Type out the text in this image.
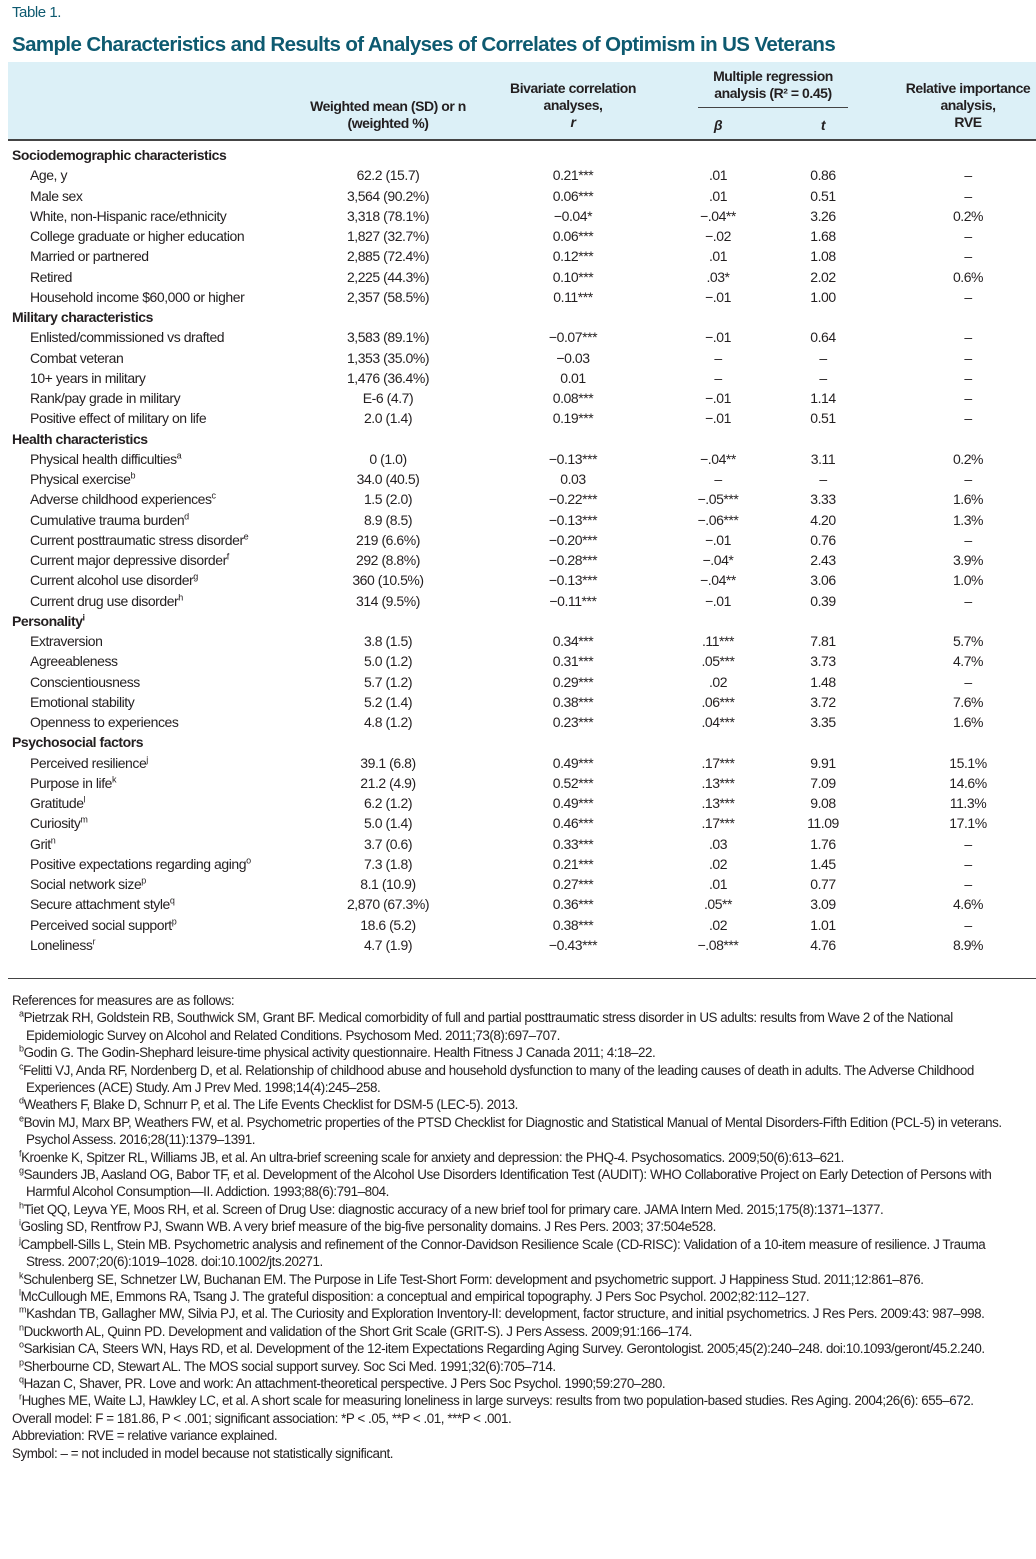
Table 1.
Sample Characteristics and Results of Analyses of Correlates of Optimism in US Veterans
Weighted mean (SD) or n (weighted %)
Bivariate correlation analyses,
r
Multiple regression analysis (R² = 0.45)
β	t
Relative importance analysis,
RVE
Sociodemographic characteristics
Age, y	62.2 (15.7)	0.21***	.01	0.86	–
Male sex	3,564 (90.2%)	0.06***	.01	0.51	–
White, non-Hispanic race/ethnicity	3,318 (78.1%)	−0.04*	−.04**	3.26	0.2%
College graduate or higher education	1,827 (32.7%)	0.06***	−.02	1.68	–
Married or partnered	2,885 (72.4%)	0.12***	.01	1.08	–
Retired	2,225 (44.3%)	0.10***	.03*	2.02	0.6%
Household income $60,000 or higher	2,357 (58.5%)	0.11***	−.01	1.00	–
Military characteristics
Enlisted/commissioned vs drafted	3,583 (89.1%)	−0.07***	−.01	0.64	–
Combat veteran	1,353 (35.0%)	−0.03	–	–	–
10+ years in military	1,476 (36.4%)	0.01	–	–	–
Rank/pay grade in military	E-6 (4.7)	0.08***	−.01	1.14	–
Positive effect of military on life	2.0 (1.4)	0.19***	−.01	0.51	–
Health characteristics
Physical health difficulties$^a$	0 (1.0)	−0.13***	−.04**	3.11	0.2%
Physical exercise$^b$	34.0 (40.5)	0.03	–	–	–
Adverse childhood experiences$^c$	1.5 (2.0)	−0.22***	−.05***	3.33	1.6%
Cumulative trauma burden$^d$	8.9 (8.5)	−0.13***	−.06***	4.20	1.3%
Current posttraumatic stress disorder$^e$	219 (6.6%)	−0.20***	−.01	0.76	–
Current major depressive disorder$^f$	292 (8.8%)	−0.28***	−.04*	2.43	3.9%
Current alcohol use disorder$^g$	360 (10.5%)	−0.13***	−.04**	3.06	1.0%
Current drug use disorder$^h$	314 (9.5%)	−0.11***	−.01	0.39	–
Personality$^i$
Extraversion	3.8 (1.5)	0.34***	.11***	7.81	5.7%
Agreeableness	5.0 (1.2)	0.31***	.05***	3.73	4.7%
Conscientiousness	5.7 (1.2)	0.29***	.02	1.48	–
Emotional stability	5.2 (1.4)	0.38***	.06***	3.72	7.6%
Openness to experiences	4.8 (1.2)	0.23***	.04***	3.35	1.6%
Psychosocial factors
Perceived resilience$^j$	39.1 (6.8)	0.49***	.17***	9.91	15.1%
Purpose in life$^k$	21.2 (4.9)	0.52***	.13***	7.09	14.6%
Gratitude$^l$	6.2 (1.2)	0.49***	.13***	9.08	11.3%
Curiosity$^m$	5.0 (1.4)	0.46***	.17***	11.09	17.1%
Grit$^n$	3.7 (0.6)	0.33***	.03	1.76	–
Positive expectations regarding aging$^o$	7.3 (1.8)	0.21***	.02	1.45	–
Social network size$^p$	8.1 (10.9)	0.27***	.01	0.77	–
Secure attachment style$^q$	2,870 (67.3%)	0.36***	.05**	3.09	4.6%
Perceived social support$^p$	18.6 (5.2)	0.38***	.02	1.01	–
Loneliness$^r$	4.7 (1.9)	−0.43***	−.08***	4.76	8.9%
References for measures are as follows:
$^a$Pietrzak RH, Goldstein RB, Southwick SM, Grant BF. Medical comorbidity of full and partial posttraumatic stress disorder in US adults: results from Wave 2 of the National Epidemiologic Survey on Alcohol and Related Conditions. Psychosom Med. 2011;73(8):697–707.
$^b$Godin G. The Godin-Shephard leisure-time physical activity questionnaire. Health Fitness J Canada 2011; 4:18–22.
$^c$Felitti VJ, Anda RF, Nordenberg D, et al. Relationship of childhood abuse and household dysfunction to many of the leading causes of death in adults. The Adverse Childhood Experiences (ACE) Study. Am J Prev Med. 1998;14(4):245–258.
$^d$Weathers F, Blake D, Schnurr P, et al. The Life Events Checklist for DSM-5 (LEC-5). 2013.
$^e$Bovin MJ, Marx BP, Weathers FW, et al. Psychometric properties of the PTSD Checklist for Diagnostic and Statistical Manual of Mental Disorders-Fifth Edition (PCL-5) in veterans. Psychol Assess. 2016;28(11):1379–1391.
$^f$Kroenke K, Spitzer RL, Williams JB, et al. An ultra-brief screening scale for anxiety and depression: the PHQ-4. Psychosomatics. 2009;50(6):613–621.
$^g$Saunders JB, Aasland OG, Babor TF, et al. Development of the Alcohol Use Disorders Identification Test (AUDIT): WHO Collaborative Project on Early Detection of Persons with Harmful Alcohol Consumption—II. Addiction. 1993;88(6):791–804.
$^h$Tiet QQ, Leyva YE, Moos RH, et al. Screen of Drug Use: diagnostic accuracy of a new brief tool for primary care. JAMA Intern Med. 2015;175(8):1371–1377.
$^i$Gosling SD, Rentfrow PJ, Swann WB. A very brief measure of the big-five personality domains. J Res Pers. 2003; 37:504e528.
$^j$Campbell-Sills L, Stein MB. Psychometric analysis and refinement of the Connor-Davidson Resilience Scale (CD-RISC): Validation of a 10-item measure of resilience. J Trauma Stress. 2007;20(6):1019–1028. doi:10.1002/jts.20271.
$^k$Schulenberg SE, Schnetzer LW, Buchanan EM. The Purpose in Life Test-Short Form: development and psychometric support. J Happiness Stud. 2011;12:861–876.
$^l$McCullough ME, Emmons RA, Tsang J. The grateful disposition: a conceptual and empirical topography. J Pers Soc Psychol. 2002;82:112–127.
$^m$Kashdan TB, Gallagher MW, Silvia PJ, et al. The Curiosity and Exploration Inventory-II: development, factor structure, and initial psychometrics. J Res Pers. 2009:43: 987–998.
$^n$Duckworth AL, Quinn PD. Development and validation of the Short Grit Scale (GRIT-S). J Pers Assess. 2009;91:166–174.
$^o$Sarkisian CA, Steers WN, Hays RD, et al. Development of the 12-item Expectations Regarding Aging Survey. Gerontologist. 2005;45(2):240–248. doi:10.1093/geront/45.2.240.
$^p$Sherbourne CD, Stewart AL. The MOS social support survey. Soc Sci Med. 1991;32(6):705–714.
$^q$Hazan C, Shaver, PR. Love and work: An attachment-theoretical perspective. J Pers Soc Psychol. 1990;59:270–280.
$^r$Hughes ME, Waite LJ, Hawkley LC, et al. A short scale for measuring loneliness in large surveys: results from two population-based studies. Res Aging. 2004;26(6): 655–672.
Overall model: F = 181.86, P < .001; significant association: *P < .05, **P < .01, ***P < .001.
Abbreviation: RVE = relative variance explained.
Symbol: – = not included in model because not statistically significant.
